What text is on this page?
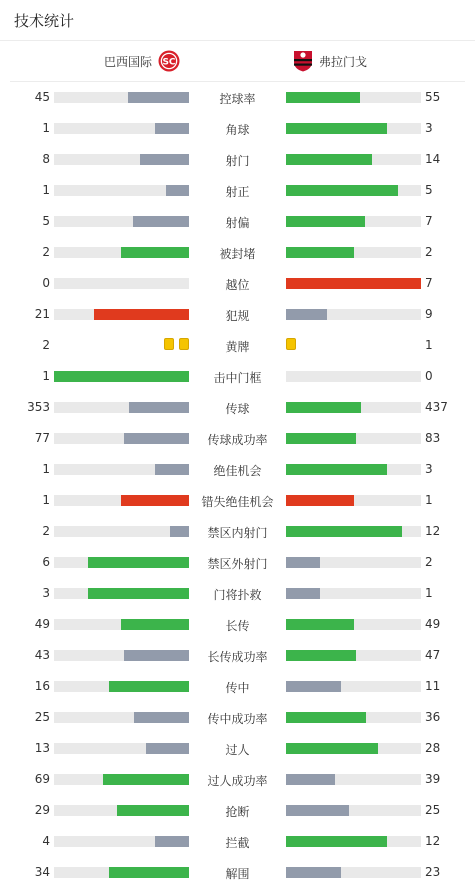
技术统计
巴西国际 SC	弗拉门戈
45	控球率	55
1	角球	3
8	射门	14
1	射正	5
5	射偏	7
2	被封堵	2
0	越位	7
21	犯规	9
2	黄牌	1
1	击中门框	0
353	传球	437
77	传球成功率	83
1	绝佳机会	3
1	错失绝佳机会	1
2	禁区内射门	12
6	禁区外射门	2
3	门将扑救	1
49	长传	49
43	长传成功率	47
16	传中	11
25	传中成功率	36
13	过人	28
69	过人成功率	39
29	抢断	25
4	拦截	12
34	解围	23
